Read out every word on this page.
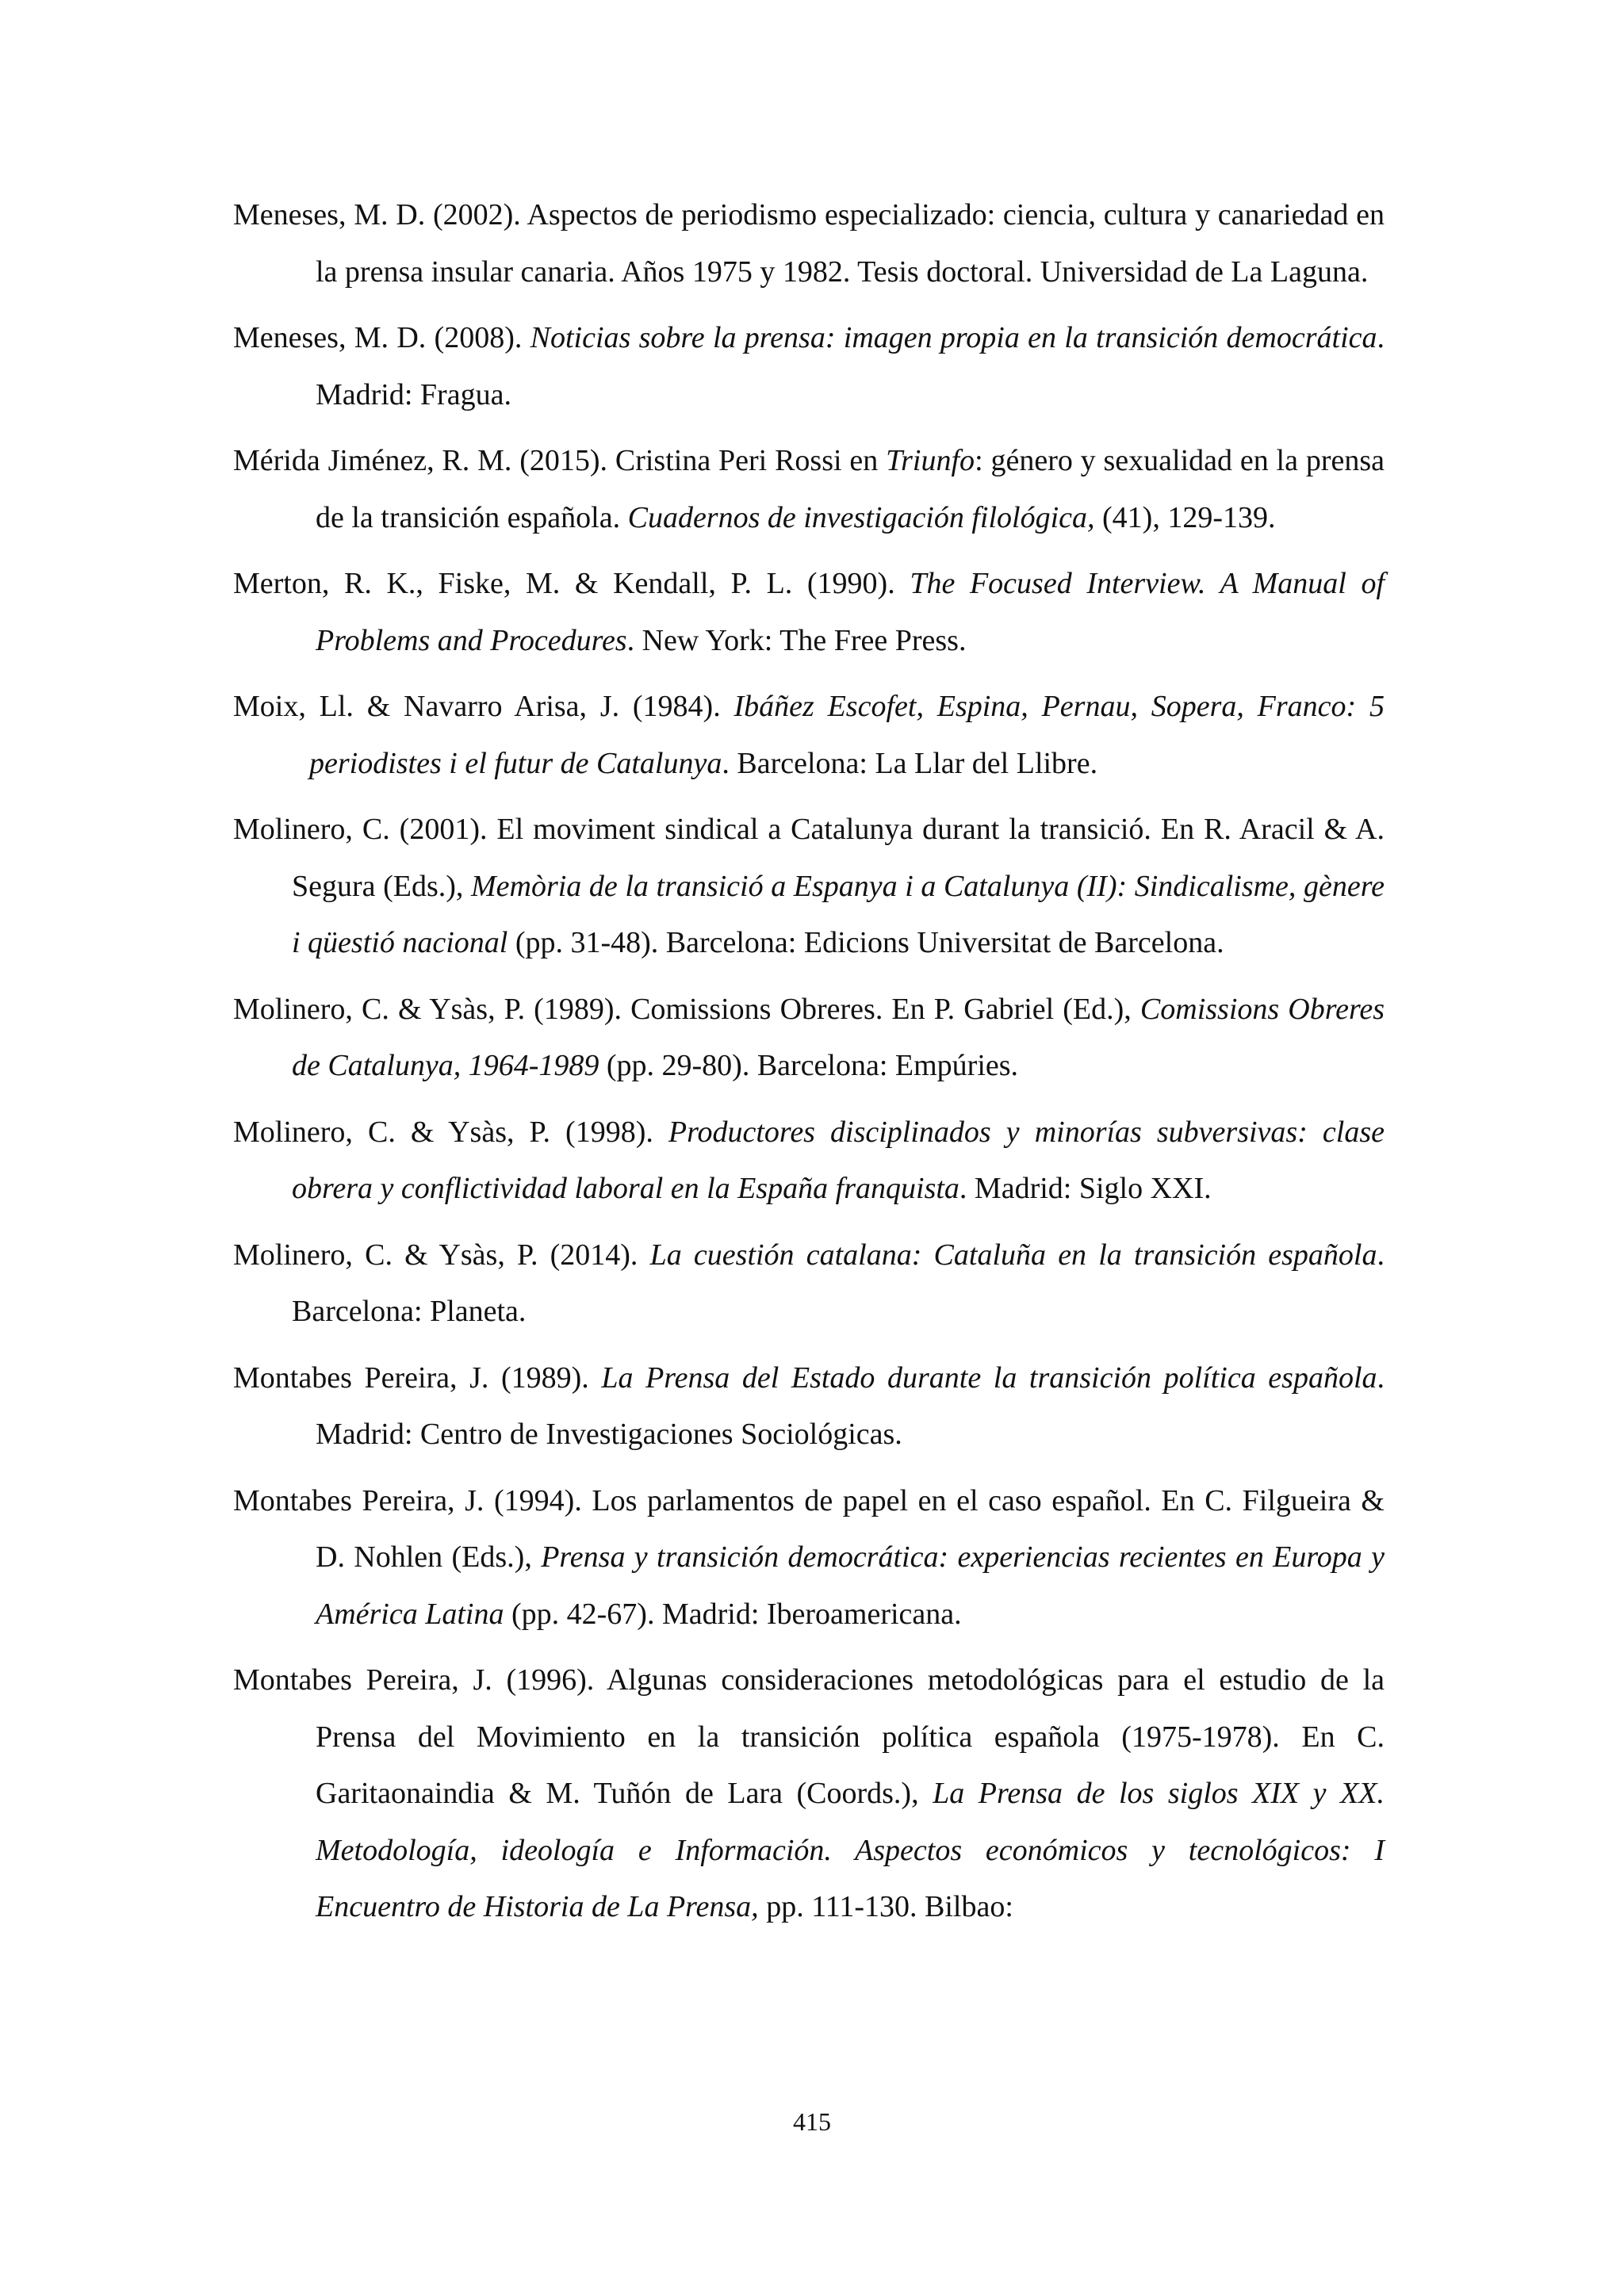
Meneses, M. D. (2002). Aspectos de periodismo especializado: ciencia, cultura y canariedad en la prensa insular canaria. Años 1975 y 1982. Tesis doctoral. Universidad de La Laguna.
Meneses, M. D. (2008). Noticias sobre la prensa: imagen propia en la transición democrática. Madrid: Fragua.
Mérida Jiménez, R. M. (2015). Cristina Peri Rossi en Triunfo: género y sexualidad en la prensa de la transición española. Cuadernos de investigación filológica, (41), 129-139.
Merton, R. K., Fiske, M. & Kendall, P. L. (1990). The Focused Interview. A Manual of Problems and Procedures. New York: The Free Press.
Moix, Ll. & Navarro Arisa, J. (1984). Ibáñez Escofet, Espina, Pernau, Sopera, Franco: 5 periodistes i el futur de Catalunya. Barcelona: La Llar del Llibre.
Molinero, C. (2001). El moviment sindical a Catalunya durant la transició. En R. Aracil & A. Segura (Eds.), Memòria de la transició a Espanya i a Catalunya (II): Sindicalisme, gènere i qüestió nacional (pp. 31-48). Barcelona: Edicions Universitat de Barcelona.
Molinero, C. & Ysàs, P. (1989). Comissions Obreres. En P. Gabriel (Ed.), Comissions Obreres de Catalunya, 1964-1989 (pp. 29-80). Barcelona: Empúries.
Molinero, C. & Ysàs, P. (1998). Productores disciplinados y minorías subversivas: clase obrera y conflictividad laboral en la España franquista. Madrid: Siglo XXI.
Molinero, C. & Ysàs, P. (2014). La cuestión catalana: Cataluña en la transición española. Barcelona: Planeta.
Montabes Pereira, J. (1989). La Prensa del Estado durante la transición política española. Madrid: Centro de Investigaciones Sociológicas.
Montabes Pereira, J. (1994). Los parlamentos de papel en el caso español. En C. Filgueira & D. Nohlen (Eds.), Prensa y transición democrática: experiencias recientes en Europa y América Latina (pp. 42-67). Madrid: Iberoamericana.
Montabes Pereira, J. (1996). Algunas consideraciones metodológicas para el estudio de la Prensa del Movimiento en la transición política española (1975-1978). En C. Garitaonaindia & M. Tuñón de Lara (Coords.), La Prensa de los siglos XIX y XX. Metodología, ideología e Información. Aspectos económicos y tecnológicos: I Encuentro de Historia de La Prensa, pp. 111-130. Bilbao:
415
